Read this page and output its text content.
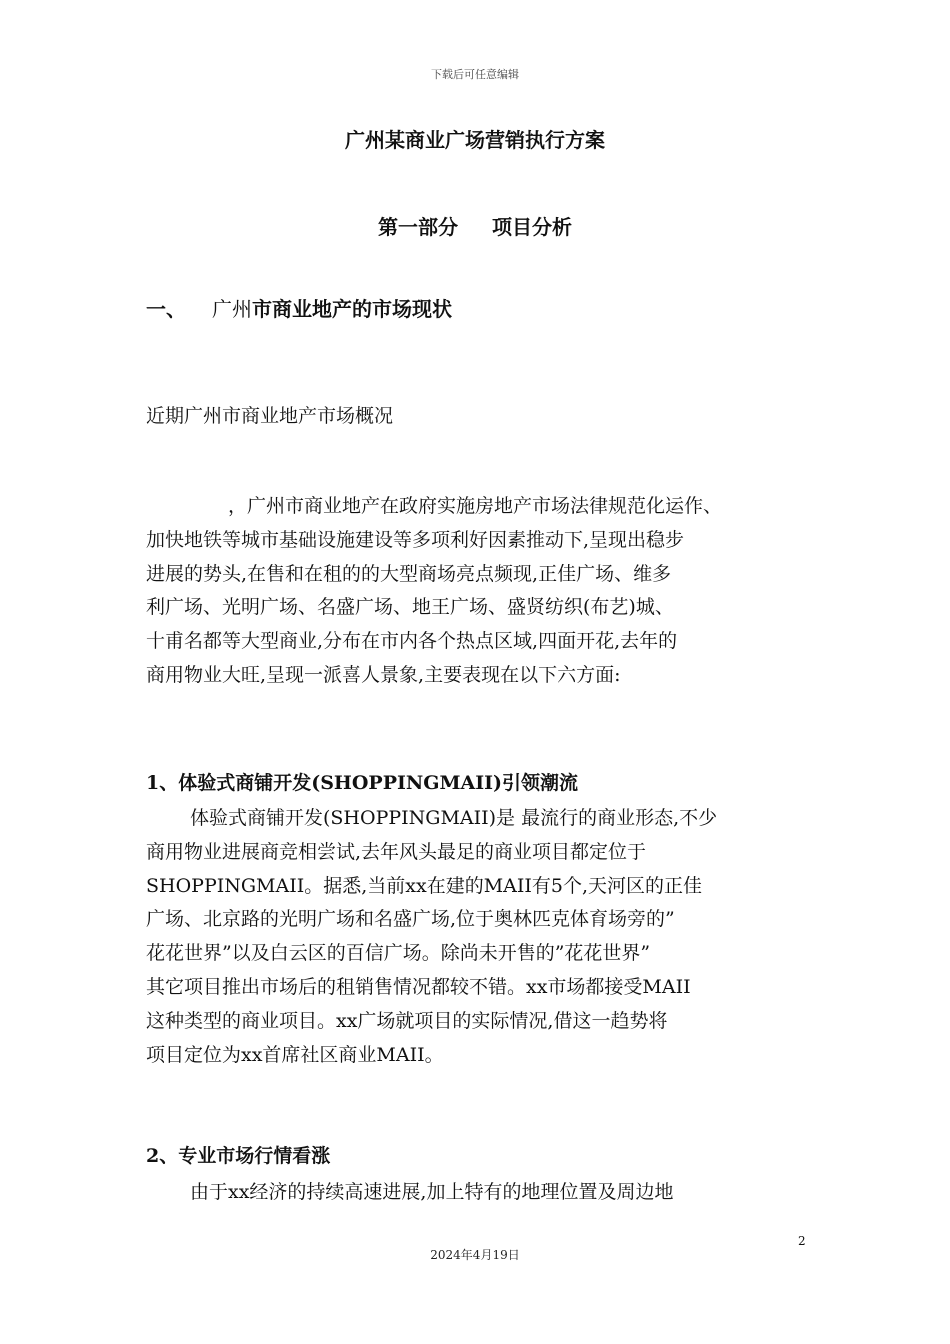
下载后可任意编辑
广州某商业广场营销执行方案
第一部分 项目分析
一、 广州市商业地产的市场现状
近期广州市商业地产市场概况
，广州市商业地产在政府实施房地产市场法律规范化运作、
加快地铁等城市基础设施建设等多项利好因素推动下,呈现出稳步
进展的势头,在售和在租的的大型商场亮点频现,正佳广场、维多
利广场、光明广场、名盛广场、地王广场、盛贤纺织(布艺)城、
十甫名都等大型商业,分布在市内各个热点区域,四面开花,去年的
商用物业大旺,呈现一派喜人景象,主要表现在以下六方面:
1、体验式商铺开发(SHOPPINGMAII)引领潮流
体验式商铺开发(SHOPPINGMAII)是 最流行的商业形态,不少
商用物业进展商竞相尝试,去年风头最足的商业项目都定位于
SHOPPINGMAII。据悉,当前xx在建的MAII有5个,天河区的正佳
广场、北京路的光明广场和名盛广场,位于奥林匹克体育场旁的”
花花世界”以及白云区的百信广场。除尚未开售的”花花世界”
其它项目推出市场后的租销售情况都较不错。xx市场都接受MAII
这种类型的商业项目。xx广场就项目的实际情况,借这一趋势将
项目定位为xx首席社区商业MAII。
2、专业市场行情看涨
由于xx经济的持续高速进展,加上特有的地理位置及周边地
2
2024年4月19日
